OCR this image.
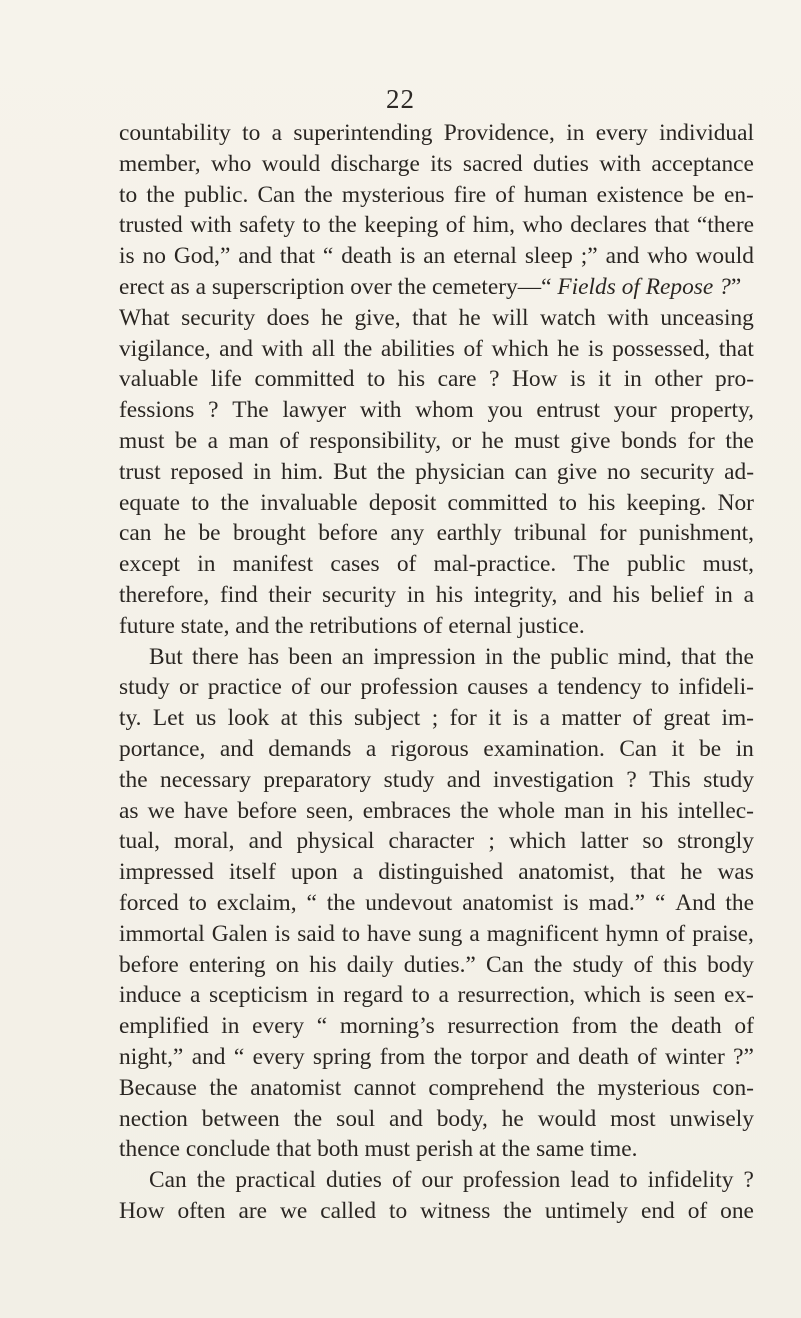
22
countability to a superintending Providence, in every individual
member, who would discharge its sacred duties with acceptance
to the public. Can the mysterious fire of human existence be en-
trusted with safety to the keeping of him, who declares that “there
is no God,” and that “ death is an eternal sleep ;” and who would
erect as a superscription over the cemetery—“ Fields of Repose ? ”
What security does he give, that he will watch with unceasing
vigilance, and with all the abilities of which he is possessed, that
valuable life committed to his care ? How is it in other pro-
fessions ? The lawyer with whom you entrust your property,
must be a man of responsibility, or he must give bonds for the
trust reposed in him. But the physician can give no security ad-
equate to the invaluable deposit committed to his keeping. Nor
can he be brought before any earthly tribunal for punishment,
except in manifest cases of mal-practice. The public must,
therefore, find their security in his integrity, and his belief in a
future state, and the retributions of eternal justice.
But there has been an impression in the public mind, that the
study or practice of our profession causes a tendency to infideli-
ty. Let us look at this subject ; for it is a matter of great im-
portance, and demands a rigorous examination. Can it be in
the necessary preparatory study and investigation ? This study
as we have before seen, embraces the whole man in his intellec-
tual, moral, and physical character ; which latter so strongly
impressed itself upon a distinguished anatomist, that he was
forced to exclaim, “ the undevout anatomist is mad.” “ And the
immortal Galen is said to have sung a magnificent hymn of praise,
before entering on his daily duties.” Can the study of this body
induce a scepticism in regard to a resurrection, which is seen ex-
emplified in every “ morning’s resurrection from the death of
night,” and “ every spring from the torpor and death of winter ?”
Because the anatomist cannot comprehend the mysterious con-
nection between the soul and body, he would most unwisely
thence conclude that both must perish at the same time.
Can the practical duties of our profession lead to infidelity ?
How often are we called to witness the untimely end of one
